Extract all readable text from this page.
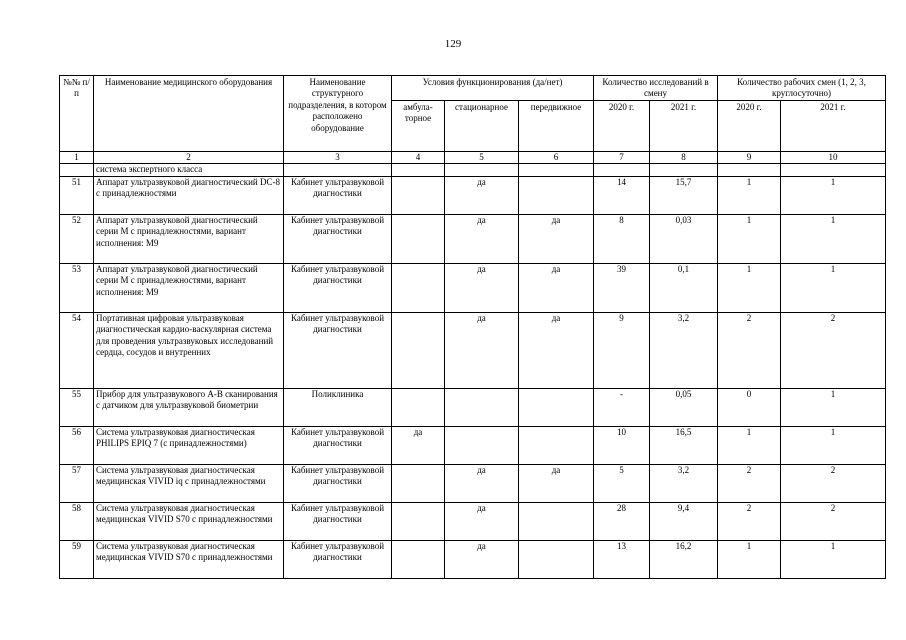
129
№№ п/п	Наименование медицинского оборудования	Наименование структурного подразделения, в котором расположено оборудование	Условия функционирования (да/нет)			Количество исследований в смену		Количество рабочих смен (1, 2, 3, круглосуточно)	
			амбула-торное	стационарное	передвижное	2020 г.	2021 г.	2020 г.	2021 г.
1	2	3	4	5	6	7	8	9	10
	система экспертного класса								
51	Аппарат ультразвуковой диагностический DC-8 с принадлежностями	Кабинет ультразвуковой диагностики		да		14	15,7	1	1
52	Аппарат ультразвуковой диагностический серии М с принадлежностями, вариант исполнения: М9	Кабинет ультразвуковой диагностики		да	да	8	0,03	1	1
53	Аппарат ультразвуковой диагностический серии М с принадлежностями, вариант исполнения: М9	Кабинет ультразвуковой диагностики		да	да	39	0,1	1	1
54	Портативная цифровая ультразвуковая диагностическая кардио-васкулярная система для проведения ультразвуковых исследований сердца, сосудов и внутренних	Кабинет ультразвуковой диагностики		да	да	9	3,2	2	2
55	Прибор для ультразвукового А-В сканирования с датчиком для ультразвуковой биометрии	Поликлиника				-	0,05	0	1
56	Система ультразвуковая диагностическая PHILIPS EPIQ 7 (с принадлежностями)	Кабинет ультразвуковой диагностики	да			10	16,5	1	1
57	Система ультразвуковая диагностическая медицинская VIVID iq с принадлежностями	Кабинет ультразвуковой диагностики		да	да	5	3,2	2	2
58	Система ультразвуковая диагностическая медицинская VIVID S70 с принадлежностями	Кабинет ультразвуковой диагностики		да		28	9,4	2	2
59	Система ультразвуковая диагностическая медицинская VIVID S70 с принадлежностями	Кабинет ультразвуковой диагностики		да		13	16,2	1	1
